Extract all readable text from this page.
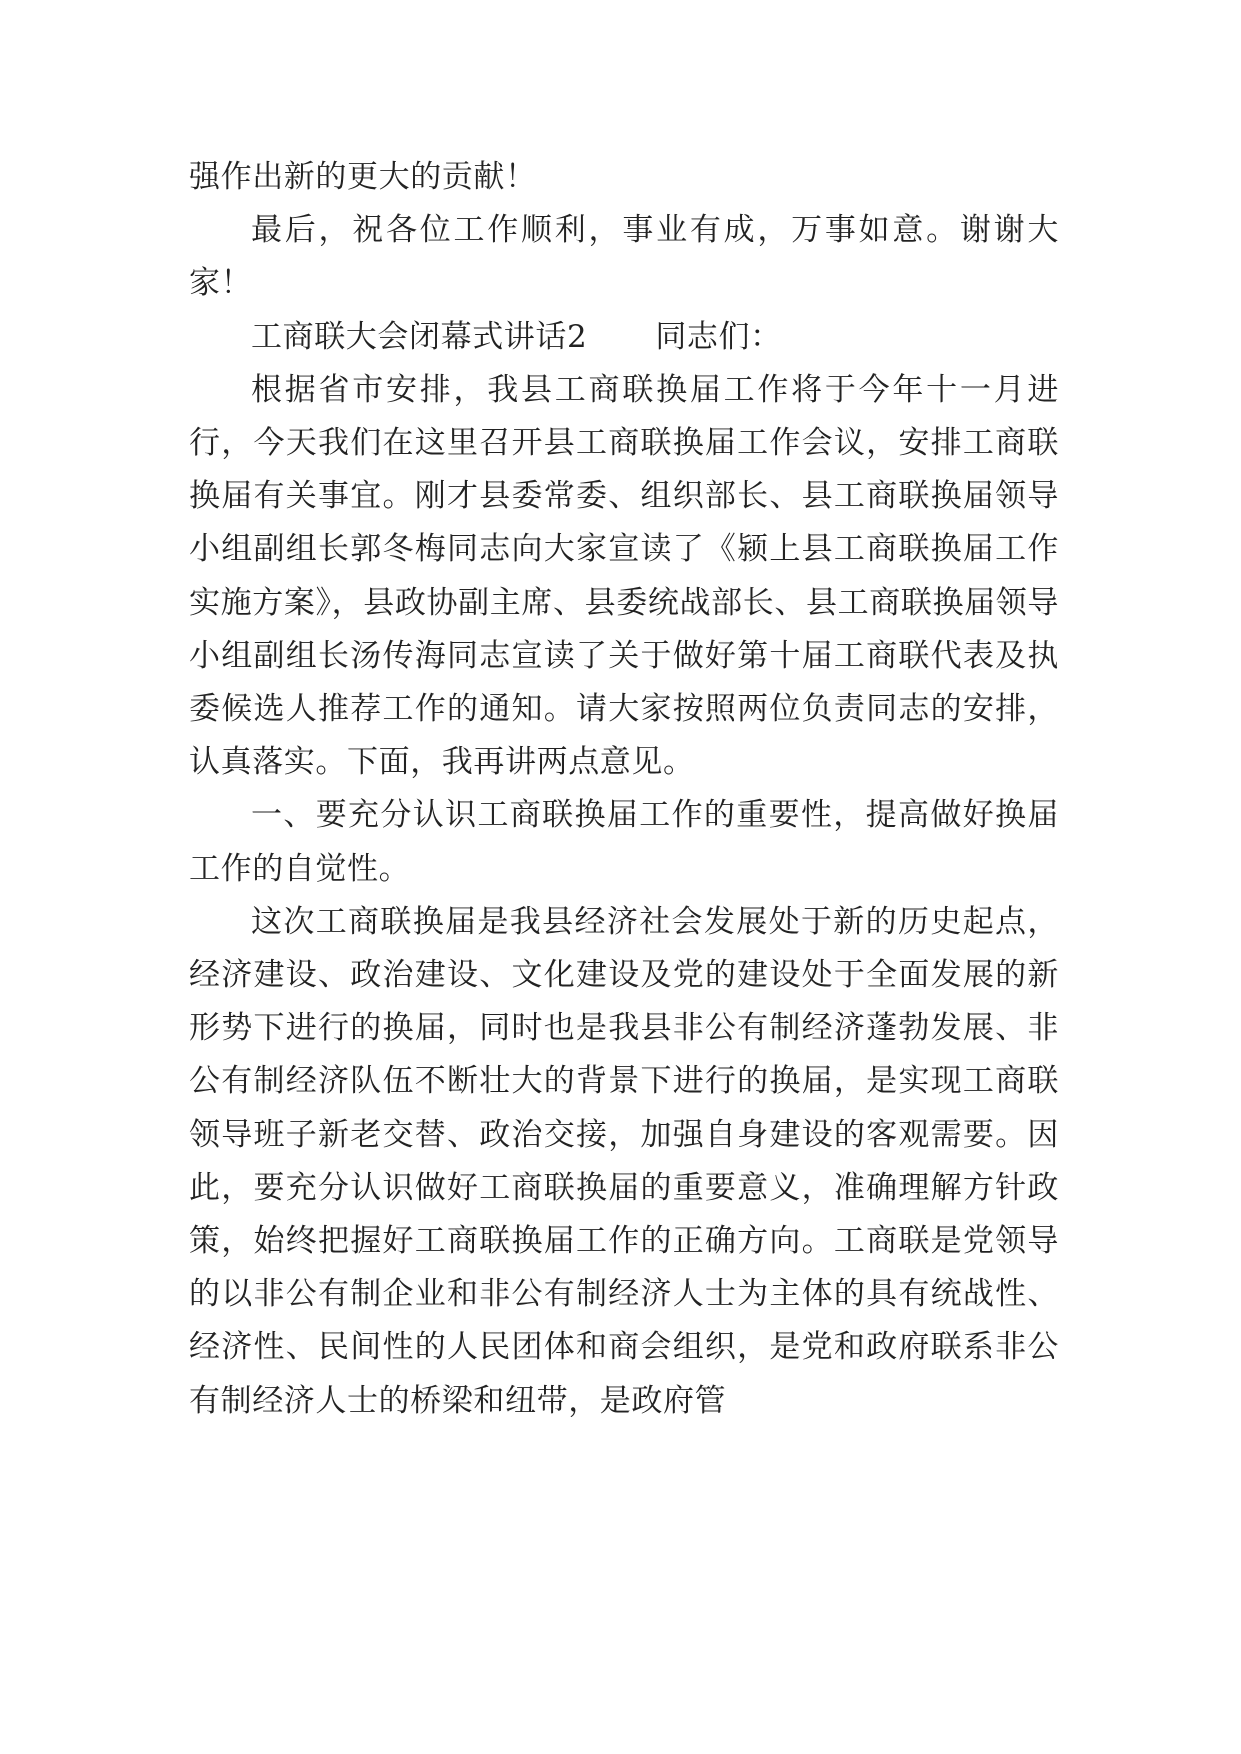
强作出新的更大的贡献！

最后，祝各位工作顺利，事业有成，万事如意。谢谢大家！

工商联大会闭幕式讲话2 同志们：

根据省市安排，我县工商联换届工作将于今年十一月进行，今天我们在这里召开县工商联换届工作会议，安排工商联换届有关事宜。刚才县委常委、组织部长、县工商联换届领导小组副组长郭冬梅同志向大家宣读了《颍上县工商联换届工作实施方案》，县政协副主席、县委统战部长、县工商联换届领导小组副组长汤传海同志宣读了关于做好第十届工商联代表及执委候选人推荐工作的通知。请大家按照两位负责同志的安排，认真落实。下面，我再讲两点意见。

一、要充分认识工商联换届工作的重要性，提高做好换届工作的自觉性。

这次工商联换届是我县经济社会发展处于新的历史起点，经济建设、政治建设、文化建设及党的建设处于全面发展的新形势下进行的换届，同时也是我县非公有制经济蓬勃发展、非公有制经济队伍不断壮大的背景下进行的换届，是实现工商联领导班子新老交替、政治交接，加强自身建设的客观需要。因此，要充分认识做好工商联换届的重要意义，准确理解方针政策，始终把握好工商联换届工作的正确方向。工商联是党领导的以非公有制企业和非公有制经济人士为主体的具有统战性、经济性、民间性的人民团体和商会组织，是党和政府联系非公有制经济人士的桥梁和纽带，是政府管
